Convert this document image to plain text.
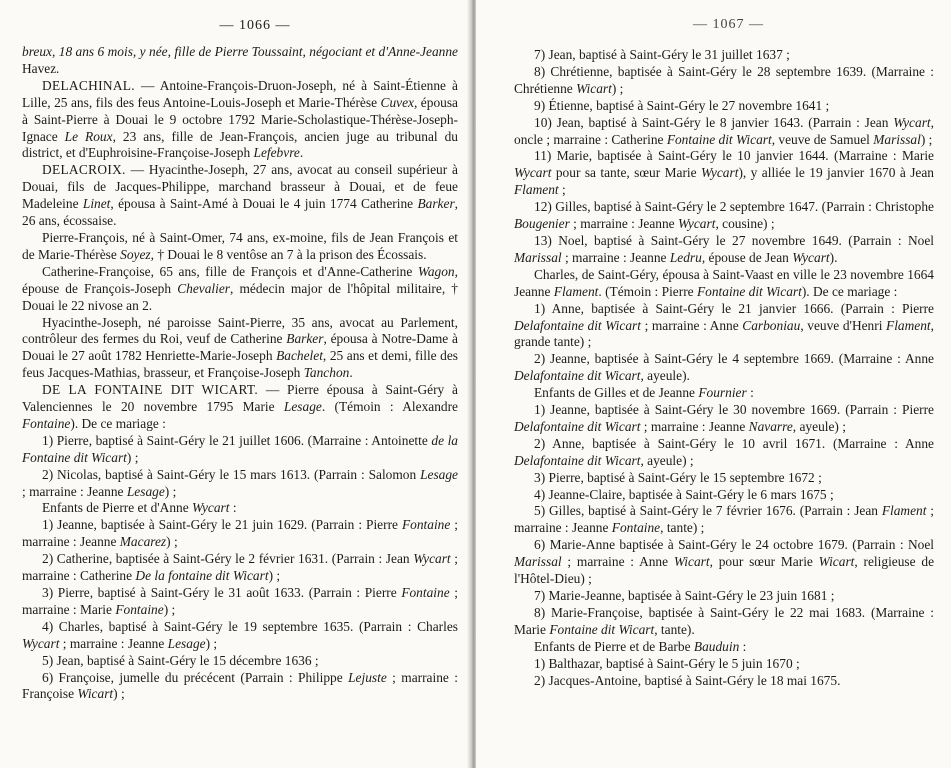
— 1066 —

breux, 18 ans 6 mois, y née, fille de Pierre Toussaint, négociant et d'Anne-Jeanne Havez.

DELACHINAL. — Antoine-François-Druon-Joseph, né à Saint-Étienne à Lille, 25 ans, fils des feus Antoine-Louis-Joseph et Marie-Thérèse Cuvex, épousa à Saint-Pierre à Douai le 9 octobre 1792 Marie-Scholastique-Thérèse-Joseph-Ignace Le Roux, 23 ans, fille de Jean-François, ancien juge au tribunal du district, et d'Euphroisine-Françoise-Joseph Lefebvre.

DELACROIX. — Hyacinthe-Joseph, 27 ans, avocat au conseil supérieur à Douai, fils de Jacques-Philippe, marchand brasseur à Douai, et de feue Madeleine Linet, épousa à Saint-Amé à Douai le 4 juin 1774 Catherine Barker, 26 ans, écossaise.

Pierre-François, né à Saint-Omer, 74 ans, ex-moine, fils de Jean François et de Marie-Thérèse Soyez, † Douai le 8 ventôse an 7 à la prison des Écossais.

Catherine-Françoise, 65 ans, fille de François et d'Anne-Catherine Wagon, épouse de François-Joseph Chevalier, médecin major de l'hôpital militaire, † Douai le 22 nivose an 2.

Hyacinthe-Joseph, né paroisse Saint-Pierre, 35 ans, avocat au Parlement, contrôleur des fermes du Roi, veuf de Catherine Barker, épousa à Notre-Dame à Douai le 27 août 1782 Henriette-Marie-Joseph Bachelet, 25 ans et demi, fille des feus Jacques-Mathias, brasseur, et Françoise-Joseph Tanchon.

DE LA FONTAINE DIT WICART. — Pierre épousa à Saint-Géry à Valenciennes le 20 novembre 1795 Marie Lesage. (Témoin : Alexandre Fontaine). De ce mariage :

1) Pierre, baptisé à Saint-Géry le 21 juillet 1606. (Marraine : Antoinette de la Fontaine dit Wicart) ;

2) Nicolas, baptisé à Saint-Géry le 15 mars 1613. (Parrain : Salomon Lesage ; marraine : Jeanne Lesage) ;

Enfants de Pierre et d'Anne Wycart :

1) Jeanne, baptisée à Saint-Géry le 21 juin 1629. (Parrain : Pierre Fontaine ; marraine : Jeanne Macarez) ;

2) Catherine, baptisée à Saint-Géry le 2 février 1631. (Parrain : Jean Wycart ; marraine : Catherine De la fontaine dit Wicart) ;

3) Pierre, baptisé à Saint-Géry le 31 août 1633. (Parrain : Pierre Fontaine ; marraine : Marie Fontaine) ;

4) Charles, baptisé à Saint-Géry le 19 septembre 1635. (Parrain : Charles Wycart ; marraine : Jeanne Lesage) ;

5) Jean, baptisé à Saint-Géry le 15 décembre 1636 ;

6) Françoise, jumelle du précécent (Parrain : Philippe Lejuste ; marraine : Françoise Wicart) ;

— 1067 —

7) Jean, baptisé à Saint-Géry le 31 juillet 1637 ;

8) Chrétienne, baptisée à Saint-Géry le 28 septembre 1639. (Marraine : Chrétienne Wicart) ;

9) Étienne, baptisé à Saint-Géry le 27 novembre 1641 ;

10) Jean, baptisé à Saint-Géry le 8 janvier 1643. (Parrain : Jean Wycart, oncle ; marraine : Catherine Fontaine dit Wicart, veuve de Samuel Marissal) ;

11) Marie, baptisée à Saint-Géry le 10 janvier 1644. (Marraine : Marie Wycart pour sa tante, sœur Marie Wycart), y alliée le 19 janvier 1670 à Jean Flament ;

12) Gilles, baptisé à Saint-Géry le 2 septembre 1647. (Parrain : Christophe Bougenier ; marraine : Jeanne Wycart, cousine) ;

13) Noel, baptisé à Saint-Géry le 27 novembre 1649. (Parrain : Noel Marissal ; marraine : Jeanne Ledru, épouse de Jean Wycart).

Charles, de Saint-Géry, épousa à Saint-Vaast en ville le 23 novembre 1664 Jeanne Flament. (Témoin : Pierre Fontaine dit Wicart). De ce mariage :

1) Anne, baptisée à Saint-Géry le 21 janvier 1666. (Parrain : Pierre Delafontaine dit Wicart ; marraine : Anne Carboniau, veuve d'Henri Flament, grande tante) ;

2) Jeanne, baptisée à Saint-Géry le 4 septembre 1669. (Marraine : Anne Delafontaine dit Wicart, ayeule).

Enfants de Gilles et de Jeanne Fournier :

1) Jeanne, baptisée à Saint-Géry le 30 novembre 1669. (Parrain : Pierre Delafontaine dit Wicart ; marraine : Jeanne Navarre, ayeule) ;

2) Anne, baptisée à Saint-Géry le 10 avril 1671. (Marraine : Anne Delafontaine dit Wicart, ayeule) ;

3) Pierre, baptisé à Saint-Géry le 15 septembre 1672 ;

4) Jeanne-Claire, baptisée à Saint-Géry le 6 mars 1675 ;

5) Gilles, baptisé à Saint-Géry le 7 février 1676. (Parrain : Jean Flament ; marraine : Jeanne Fontaine, tante) ;

6) Marie-Anne baptisée à Saint-Géry le 24 octobre 1679. (Parrain : Noel Marissal ; marraine : Anne Wicart, pour sœur Marie Wicart, religieuse de l'Hôtel-Dieu) ;

7) Marie-Jeanne, baptisée à Saint-Géry le 23 juin 1681 ;

8) Marie-Françoise, baptisée à Saint-Géry le 22 mai 1683. (Marraine : Marie Fontaine dit Wicart, tante).

Enfants de Pierre et de Barbe Bauduin :

1) Balthazar, baptisé à Saint-Géry le 5 juin 1670 ;

2) Jacques-Antoine, baptisé à Saint-Géry le 18 mai 1675.
